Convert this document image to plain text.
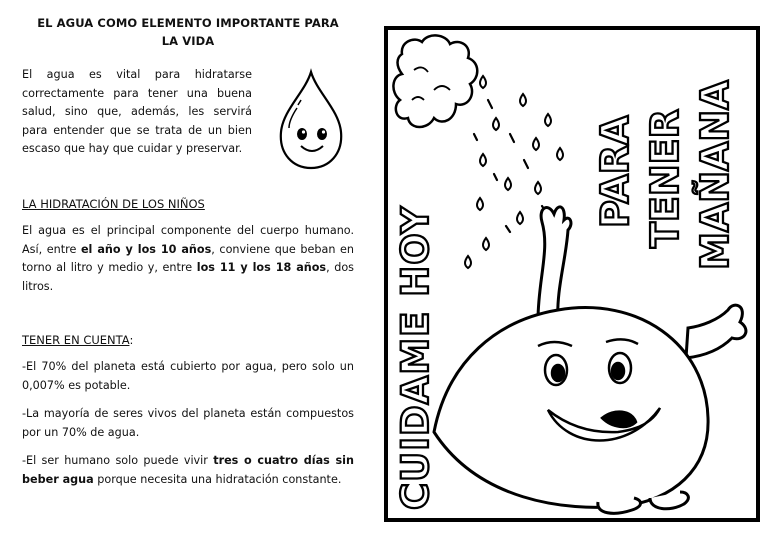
EL AGUA COMO ELEMENTO IMPORTANTE PARA
LA VIDA

El agua es vital para hidratarse correctamente para tener una buena salud, sino que, además, les servirá para entender que se trata de un bien escaso que hay que cuidar y preservar.

LA HIDRATACIÓN DE LOS NIÑOS

El agua es el principal componente del cuerpo humano. Así, entre el año y los 10 años, conviene que beban en torno al litro y medio y, entre los 11 y los 18 años, dos litros.

TENER EN CUENTA:

-El 70% del planeta está cubierto por agua, pero solo un 0,007% es potable.

-La mayoría de seres vivos del planeta están compuestos por un 70% de agua.

-El ser humano solo puede vivir tres o cuatro días sin beber agua porque necesita una hidratación constante.	CUIDAME HOY
PARA TENER MAÑANA
